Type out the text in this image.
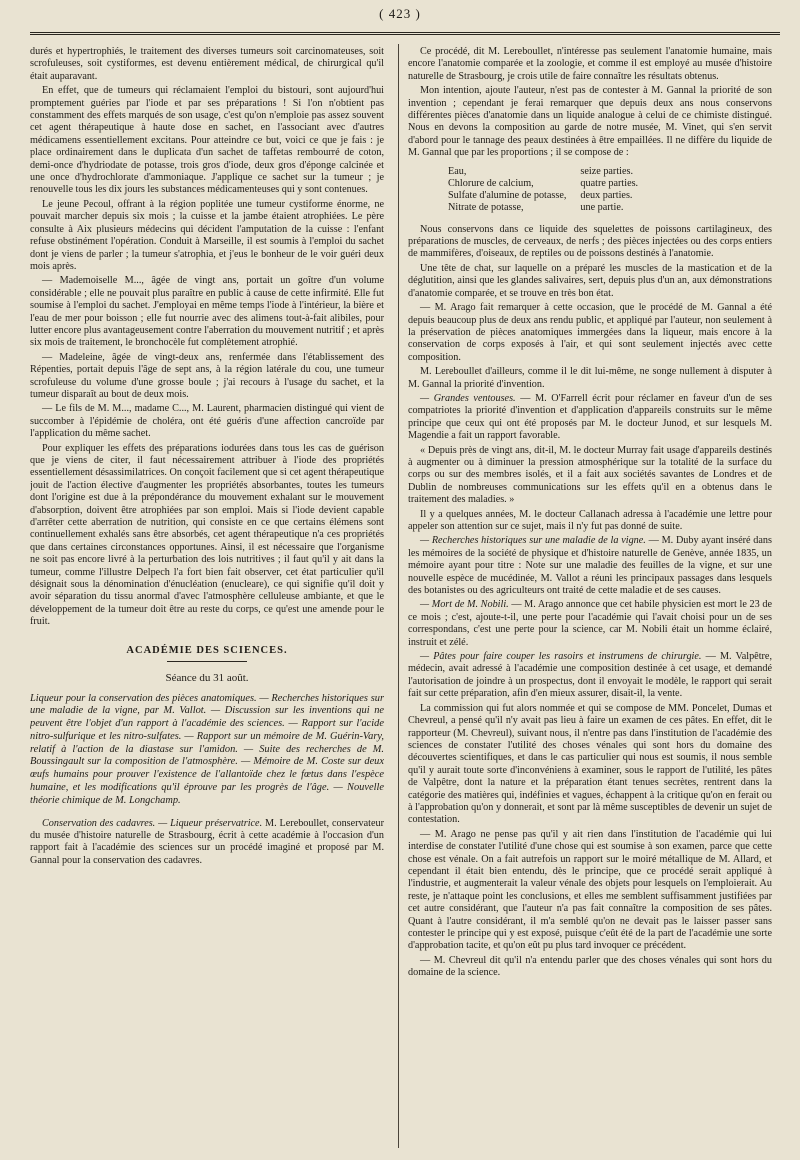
( 423 )

durés et hypertrophiés, le traitement des diverses tumeurs soit carcinomateuses, soit scrofuleuses, soit cystiformes, est devenu entièrement médical, de chirurgical qu'il était auparavant.

En effet, que de tumeurs qui réclamaient l'emploi du bistouri, sont aujourd'hui promptement guéries par l'iode et par ses préparations ! Si l'on n'obtient pas constamment des effets marqués de son usage, c'est qu'on n'emploie pas assez souvent cet agent thérapeutique à haute dose en sachet, en l'associant avec d'autres médicamens essentiellement excitans. Pour atteindre ce but, voici ce que je fais : je place ordinairement dans le duplicata d'un sachet de taffetas rembourré de coton, demi-once d'hydriodate de potasse, trois gros d'iode, deux gros d'éponge calcinée et une once d'hydrochlorate d'ammoniaque. J'applique ce sachet sur la tumeur ; je renouvelle tous les dix jours les substances médicamenteuses qui y sont contenues.

Le jeune Pecoul, offrant à la région poplitée une tumeur cystiforme énorme, ne pouvait marcher depuis six mois ; la cuisse et la jambe étaient atrophiées. Le père consulte à Aix plusieurs médecins qui décident l'amputation de la cuisse : l'enfant refuse obstinément l'opération. Conduit à Marseille, il est soumis à l'emploi du sachet dont je viens de parler ; la tumeur s'atrophia, et j'eus le bonheur de le voir guéri deux mois après.

— Mademoiselle M..., âgée de vingt ans, portait un goître d'un volume considérable ; elle ne pouvait plus paraître en public à cause de cette infirmité. Elle fut soumise à l'emploi du sachet. J'employai en même temps l'iode à l'intérieur, la bière et l'eau de mer pour boisson ; elle fut nourrie avec des alimens tout-à-fait alibiles, pour lutter encore plus avantageusement contre l'aberration du mouvement nutritif ; et après six mois de traitement, le bronchocèle fut complètement atrophié.

— Madeleine, âgée de vingt-deux ans, renfermée dans l'établissement des Répenties, portait depuis l'âge de sept ans, à la région latérale du cou, une tumeur scrofuleuse du volume d'une grosse boule ; j'ai recours à l'usage du sachet, et la tumeur disparaît au bout de deux mois.

— Le fils de M. M..., madame C..., M. Laurent, pharmacien distingué qui vient de succomber à l'épidémie de choléra, ont été guéris d'une affection cancroïde par l'application du même sachet.

Pour expliquer les effets des préparations iodurées dans tous les cas de guérison que je viens de citer, il faut nécessairement attribuer à l'iode des propriétés essentiellement désassimilatrices. On conçoit facilement que si cet agent thérapeutique jouit de l'action élective d'augmenter les propriétés absorbantes, toutes les tumeurs dont l'origine est due à la prépondérance du mouvement exhalant sur le mouvement d'absorption, doivent être atrophiées par son emploi. Mais si l'iode devient capable d'arrêter cette aberration de nutrition, qui consiste en ce que certains élémens sont continuellement exhalés sans être absorbés, cet agent thérapeutique n'a ces propriétés que dans certaines circonstances opportunes. Ainsi, il est nécessaire que l'organisme ne soit pas encore livré à la perturbation des lois nutritives ; il faut qu'il y ait dans la tumeur, comme l'illustre Delpech l'a fort bien fait observer, cet état particulier qu'il désignait sous la dénomination d'énucléation (enucleare), ce qui signifie qu'il doit y avoir séparation du tissu anormal d'avec l'atmosphère celluleuse ambiante, et que le développement de la tumeur doit être au reste du corps, ce qu'est une amende pour le fruit.

ACADÉMIE DES SCIENCES.
Séance du 31 août.

Liqueur pour la conservation des pièces anatomiques. — Recherches historiques sur une maladie de la vigne, par M. Vallot. — Discussion sur les inventions qui ne peuvent être l'objet d'un rapport à l'académie des sciences. — Rapport sur l'acide nitro-sulfurique et les nitro-sulfates. — Rapport sur un mémoire de M. Guérin-Vary, relatif à l'action de la diastase sur l'amidon. — Suite des recherches de M. Boussingault sur la composition de l'atmosphère. — Mémoire de M. Coste sur deux œufs humains pour prouver l'existence de l'allantoïde chez le fœtus dans l'espèce humaine, et les modifications qu'il éprouve par les progrès de l'âge. — Nouvelle théorie chimique de M. Longchamp.

Conservation des cadavres. — Liqueur préservatrice. M. Lereboullet, conservateur du musée d'histoire naturelle de Strasbourg, écrit à cette académie à l'occasion d'un rapport fait à l'académie des sciences sur un procédé imaginé et proposé par M. Gannal pour la conservation des cadavres.

Ce procédé, dit M. Lereboullet, n'intéresse pas seulement l'anatomie humaine, mais encore l'anatomie comparée et la zoologie, et comme il est employé au musée d'histoire naturelle de Strasbourg, je crois utile de faire connaître les résultats obtenus.

Mon intention, ajoute l'auteur, n'est pas de contester à M. Gannal la priorité de son invention ; cependant je ferai remarquer que depuis deux ans nous conservons différentes pièces d'anatomie dans un liquide analogue à celui de ce chimiste distingué. Nous en devons la composition au garde de notre musée, M. Vinet, qui s'en servit d'abord pour le tannage des peaux destinées à être empaillées. Il ne diffère du liquide de M. Gannal que par les proportions ; il se compose de :

Eau,	seize parties.
Chlorure de calcium,	quatre parties.
Sulfate d'alumine de potasse,	deux parties.
Nitrate de potasse,	une partie.

Nous conservons dans ce liquide des squelettes de poissons cartilagineux, des préparations de muscles, de cerveaux, de nerfs ; des pièces injectées ou des corps entiers de mammifères, d'oiseaux, de reptiles ou de poissons destinés à l'anatomie.

Une tête de chat, sur laquelle on a préparé les muscles de la mastication et de la déglutition, ainsi que les glandes salivaires, sert, depuis plus d'un an, aux démonstrations d'anatomie comparée, et se trouve en très bon état.

— M. Arago fait remarquer à cette occasion, que le procédé de M. Gannal a été depuis beaucoup plus de deux ans rendu public, et appliqué par l'auteur, non seulement à la préservation de pièces anatomiques immergées dans la liqueur, mais encore à la conservation de corps exposés à l'air, et qui sont seulement injectés avec cette composition.

M. Lereboullet d'ailleurs, comme il le dit lui-même, ne songe nullement à disputer à M. Gannal la priorité d'invention.

— Grandes ventouses. — M. O'Farrell écrit pour réclamer en faveur d'un de ses compatriotes la priorité d'invention et d'application d'appareils construits sur le même principe que ceux qui ont été proposés par M. le docteur Junod, et sur lesquels M. Magendie a fait un rapport favorable.

« Depuis près de vingt ans, dit-il, M. le docteur Murray fait usage d'appareils destinés à augmenter ou à diminuer la pression atmosphérique sur la totalité de la surface du corps ou sur des membres isolés, et il a fait aux sociétés savantes de Londres et de Dublin de nombreuses communications sur les effets qu'il en a obtenus dans le traitement des maladies. »

Il y a quelques années, M. le docteur Callanach adressa à l'académie une lettre pour appeler son attention sur ce sujet, mais il n'y fut pas donné de suite.

— Recherches historiques sur une maladie de la vigne. — M. Duby ayant inséré dans les mémoires de la société de physique et d'histoire naturelle de Genève, année 1835, un mémoire ayant pour titre : Note sur une maladie des feuilles de la vigne, et sur une nouvelle espèce de mucédinée, M. Vallot a réuni les principaux passages dans lesquels des botanistes ou des agriculteurs ont traité de cette maladie et de ses causes.

— Mort de M. Nobili. — M. Arago annonce que cet habile physicien est mort le 23 de ce mois ; c'est, ajoute-t-il, une perte pour l'académie qui l'avait choisi pour un de ses correspondans, c'est une perte pour la science, car M. Nobili était un homme éclairé, instruit et zélé.

— Pâtes pour faire couper les rasoirs et instrumens de chirurgie. — M. Valpêtre, médecin, avait adressé à l'académie une composition destinée à cet usage, et demandé l'autorisation de joindre à un prospectus, dont il envoyait le modèle, le rapport qui serait fait sur cette préparation, afin d'en mieux assurer, disait-il, la vente.

La commission qui fut alors nommée et qui se compose de MM. Poncelet, Dumas et Chevreul, a pensé qu'il n'y avait pas lieu à faire un examen de ces pâtes. En effet, dit le rapporteur (M. Chevreul), suivant nous, il n'entre pas dans l'institution de l'académie des sciences de constater l'utilité des choses vénales qui sont hors du domaine des découvertes scientifiques, et dans le cas particulier qui nous est soumis, il nous semble qu'il y aurait toute sorte d'inconvéniens à examiner, sous le rapport de l'utilité, les pâtes de Valpêtre, dont la nature et la préparation étant tenues secrètes, rentrent dans la catégorie des matières qui, indéfinies et vagues, échappent à la critique qu'on en ferait ou à l'approbation qu'on y donnerait, et sont par là même susceptibles de devenir un sujet de contestation.

— M. Arago ne pense pas qu'il y ait rien dans l'institution de l'académie qui lui interdise de constater l'utilité d'une chose qui est soumise à son examen, parce que cette chose est vénale. On a fait autrefois un rapport sur le moiré métallique de M. Allard, et cependant il était bien entendu, dès le principe, que ce procédé serait appliqué à l'industrie, et augmenterait la valeur vénale des objets pour lesquels on l'emploierait. Au reste, je n'attaque point les conclusions, et elles me semblent suffisamment justifiées par cet autre considérant, que l'auteur n'a pas fait connaître la composition de ses pâtes. Quant à l'autre considérant, il m'a semblé qu'on ne devait pas le laisser passer sans contester le principe qui y est exposé, puisque c'eût été de la part de l'académie une sorte d'approbation tacite, et qu'on eût pu plus tard invoquer ce précédent.

— M. Chevreul dit qu'il n'a entendu parler que des choses vénales qui sont hors du domaine de la science.
